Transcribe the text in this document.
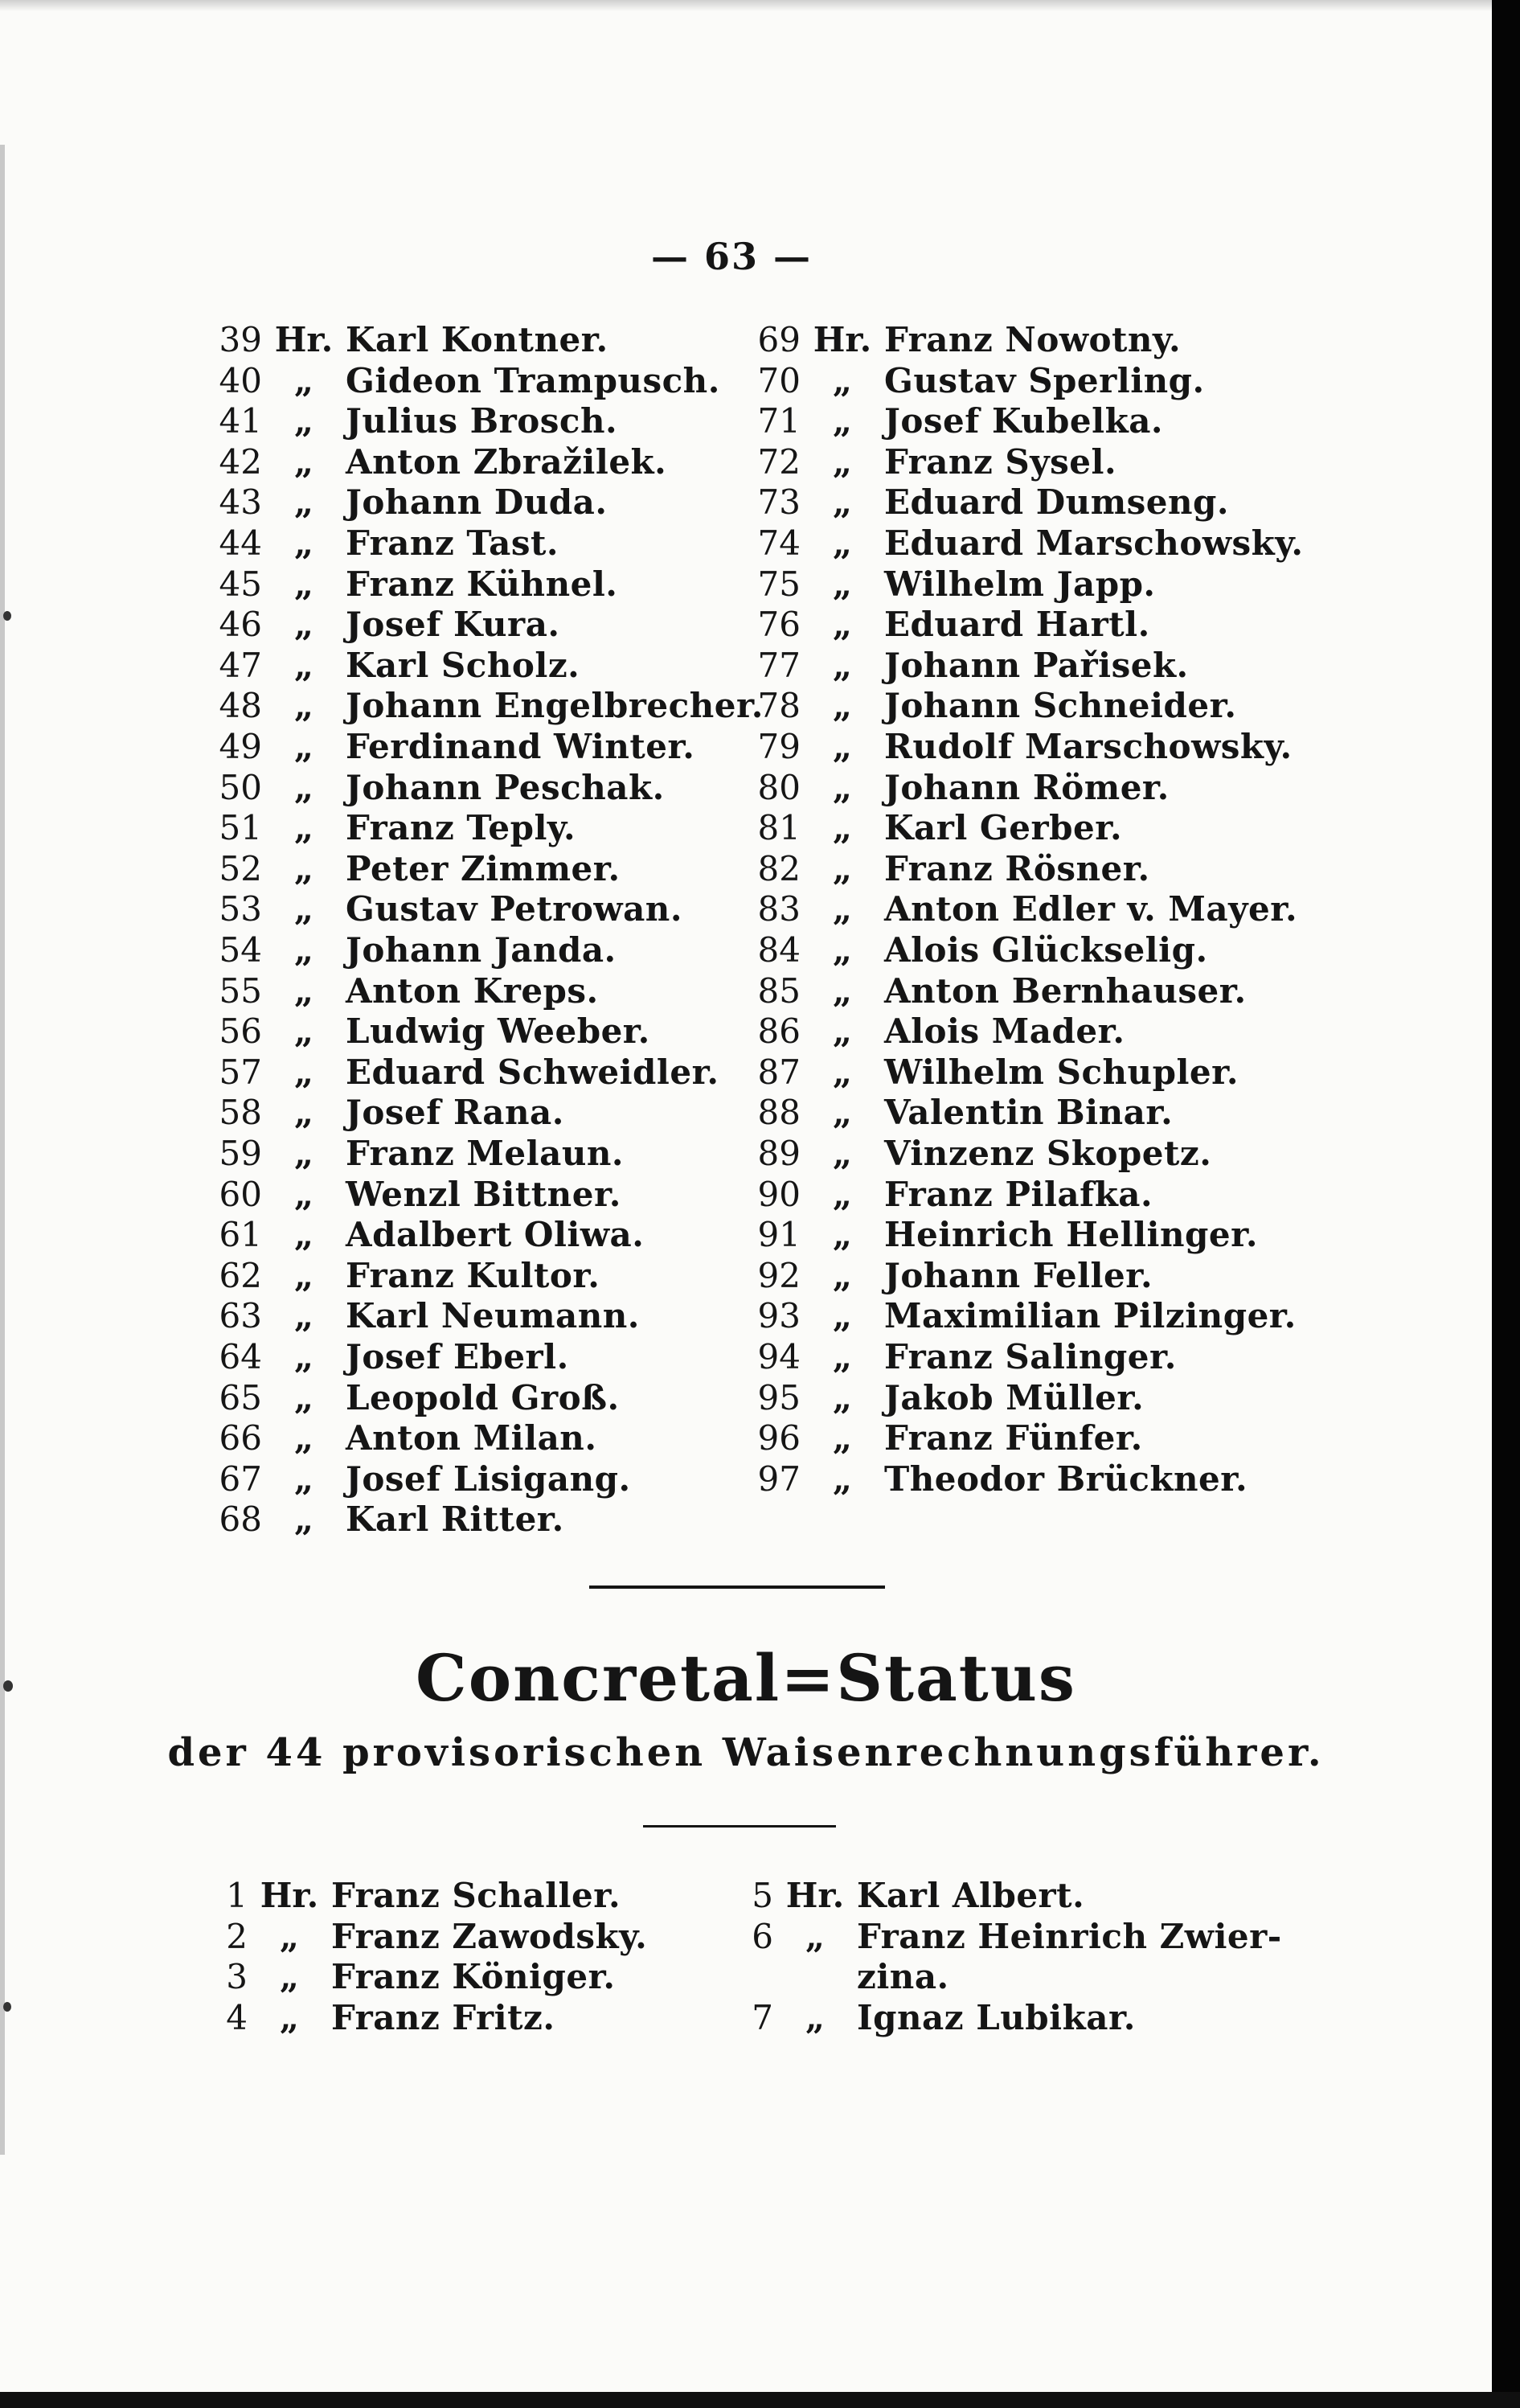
— 63 —
39 Hr. Karl Kontner.
40 „ Gideon Trampusch.
41 „ Julius Brosch.
42 „ Anton Zbražilek.
43 „ Johann Duda.
44 „ Franz Tast.
45 „ Franz Kühnel.
46 „ Josef Kura.
47 „ Karl Scholz.
48 „ Johann Engelbrecher.
49 „ Ferdinand Winter.
50 „ Johann Peschak.
51 „ Franz Teply.
52 „ Peter Zimmer.
53 „ Gustav Petrowan.
54 „ Johann Janda.
55 „ Anton Kreps.
56 „ Ludwig Weeber.
57 „ Eduard Schweidler.
58 „ Josef Rana.
59 „ Franz Melaun.
60 „ Wenzl Bittner.
61 „ Adalbert Oliwa.
62 „ Franz Kultor.
63 „ Karl Neumann.
64 „ Josef Eberl.
65 „ Leopold Groß.
66 „ Anton Milan.
67 „ Josef Lisigang.
68 „ Karl Ritter.
69 Hr. Franz Nowotny.
70 „ Gustav Sperling.
71 „ Josef Kubelka.
72 „ Franz Sysel.
73 „ Eduard Dumseng.
74 „ Eduard Marschowsky.
75 „ Wilhelm Japp.
76 „ Eduard Hartl.
77 „ Johann Pařisek.
78 „ Johann Schneider.
79 „ Rudolf Marschowsky.
80 „ Johann Römer.
81 „ Karl Gerber.
82 „ Franz Rösner.
83 „ Anton Edler v. Mayer.
84 „ Alois Glückselig.
85 „ Anton Bernhauser.
86 „ Alois Mader.
87 „ Wilhelm Schupler.
88 „ Valentin Binar.
89 „ Vinzenz Skopetz.
90 „ Franz Pilafka.
91 „ Heinrich Hellinger.
92 „ Johann Feller.
93 „ Maximilian Pilzinger.
94 „ Franz Salinger.
95 „ Jakob Müller.
96 „ Franz Fünfer.
97 „ Theodor Brückner.
Concretal=Status
der 44 provisorischen Waisenrechnungsführer.
1 Hr. Franz Schaller.
2 „ Franz Zawodsky.
3 „ Franz Königer.
4 „ Franz Fritz.
5 Hr. Karl Albert.
6 „ Franz Heinrich Zwier-
zina.
7 „ Ignaz Lubikar.
